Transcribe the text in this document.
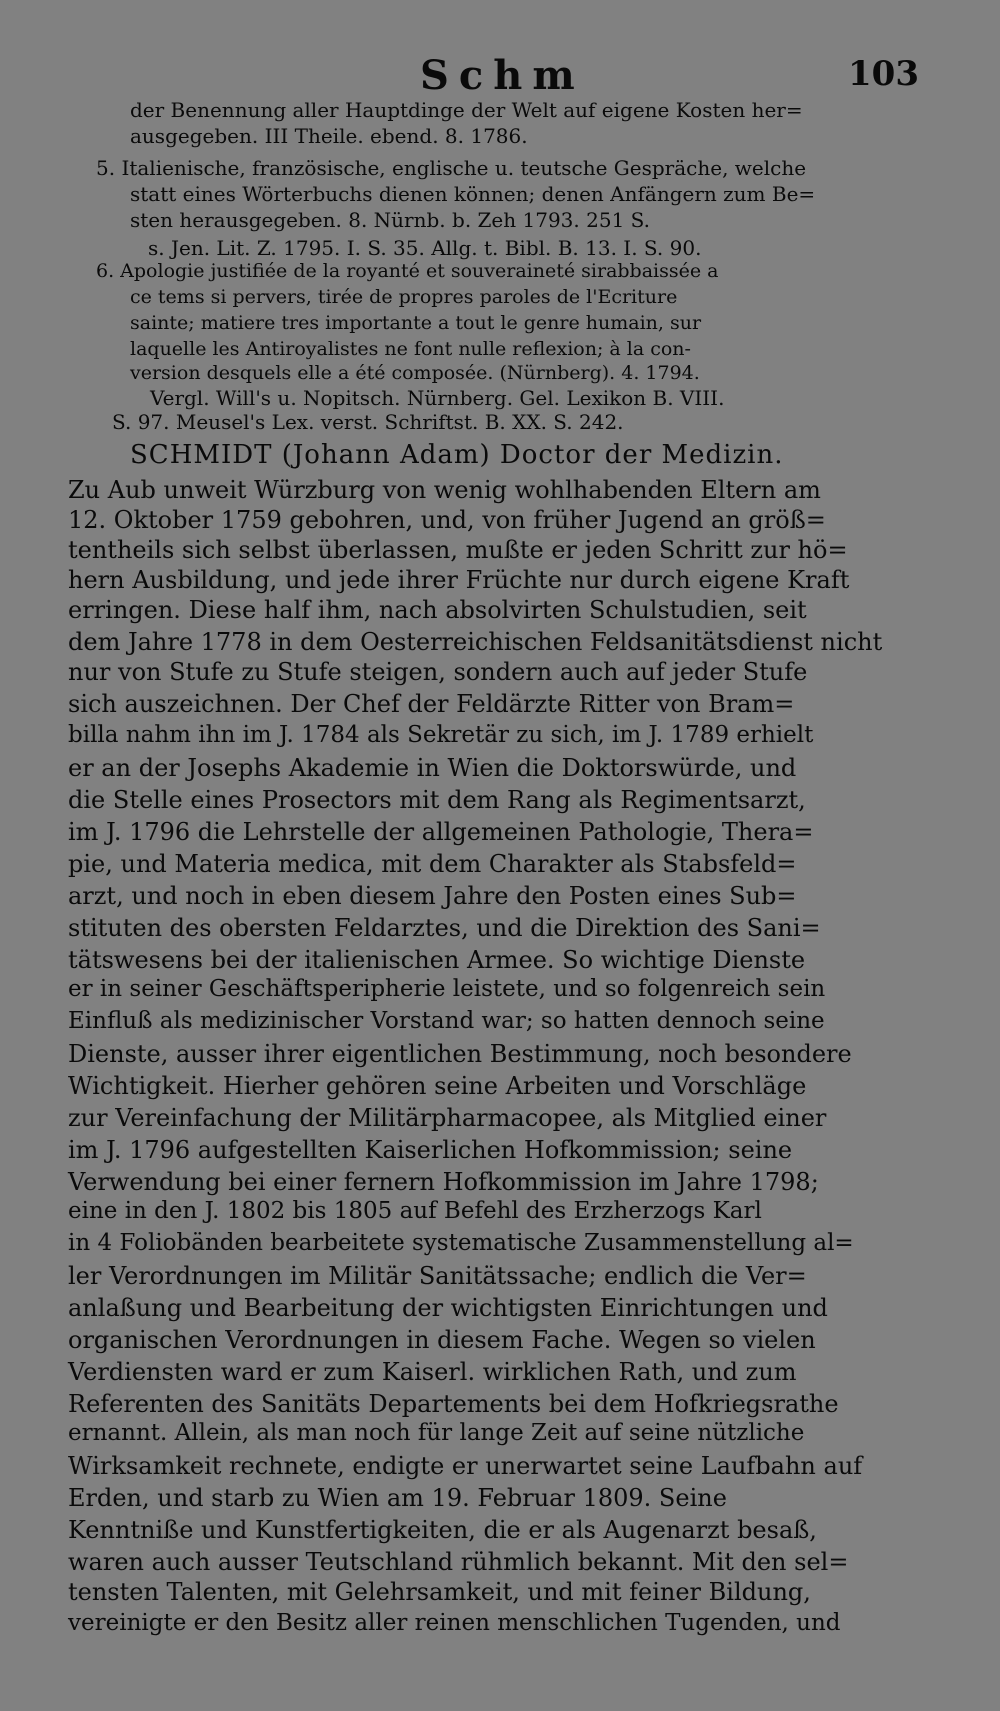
Schm	103
der Benennung aller Hauptdinge der Welt auf eigene Kosten her=
ausgegeben. III Theile. ebend. 8. 1786.
5. Italienische, französische, englische u. teutsche Gespräche, welche
statt eines Wörterbuchs dienen können; denen Anfängern zum Be=
sten herausgegeben. 8. Nürnb. b. Zeh 1793. 251 S.
s. Jen. Lit. Z. 1795. I. S. 35. Allg. t. Bibl. B. 13. I. S. 90.
6. Apologie justifiée de la royanté et souveraineté sirabbaissée a
ce tems si pervers, tirée de propres paroles de l'Ecriture
sainte; matiere tres importante a tout le genre humain, sur
laquelle les Antiroyalistes ne font nulle reflexion; à la con-
version desquels elle a été composée. (Nürnberg). 4. 1794.
Vergl. Will's u. Nopitsch. Nürnberg. Gel. Lexikon B. VIII.
S. 97. Meusel's Lex. verst. Schriftst. B. XX. S. 242.
SCHMIDT (Johann Adam) Doctor der Medizin.
Zu Aub unweit Würzburg von wenig wohlhabenden Eltern am
12. Oktober 1759 gebohren, und, von früher Jugend an größ=
tentheils sich selbst überlassen, mußte er jeden Schritt zur hö=
hern Ausbildung, und jede ihrer Früchte nur durch eigene Kraft
erringen. Diese half ihm, nach absolvirten Schulstudien, seit
dem Jahre 1778 in dem Oesterreichischen Feldsanitätsdienst nicht
nur von Stufe zu Stufe steigen, sondern auch auf jeder Stufe
sich auszeichnen. Der Chef der Feldärzte Ritter von Bram=
billa nahm ihn im J. 1784 als Sekretär zu sich, im J. 1789 erhielt
er an der Josephs Akademie in Wien die Doktorswürde, und
die Stelle eines Prosectors mit dem Rang als Regimentsarzt,
im J. 1796 die Lehrstelle der allgemeinen Pathologie, Thera=
pie, und Materia medica, mit dem Charakter als Stabsfeld=
arzt, und noch in eben diesem Jahre den Posten eines Sub=
stituten des obersten Feldarztes, und die Direktion des Sani=
tätswesens bei der italienischen Armee. So wichtige Dienste
er in seiner Geschäftsperipherie leistete, und so folgenreich sein
Einfluß als medizinischer Vorstand war; so hatten dennoch seine
Dienste, ausser ihrer eigentlichen Bestimmung, noch besondere
Wichtigkeit. Hierher gehören seine Arbeiten und Vorschläge
zur Vereinfachung der Militärpharmacopee, als Mitglied einer
im J. 1796 aufgestellten Kaiserlichen Hofkommission; seine
Verwendung bei einer fernern Hofkommission im Jahre 1798;
eine in den J. 1802 bis 1805 auf Befehl des Erzherzogs Karl
in 4 Foliobänden bearbeitete systematische Zusammenstellung al=
ler Verordnungen im Militär Sanitätssache; endlich die Ver=
anlaßung und Bearbeitung der wichtigsten Einrichtungen und
organischen Verordnungen in diesem Fache. Wegen so vielen
Verdiensten ward er zum Kaiserl. wirklichen Rath, und zum
Referenten des Sanitäts Departements bei dem Hofkriegsrathe
ernannt. Allein, als man noch für lange Zeit auf seine nützliche
Wirksamkeit rechnete, endigte er unerwartet seine Laufbahn auf
Erden, und starb zu Wien am 19. Februar 1809. Seine
Kenntniße und Kunstfertigkeiten, die er als Augenarzt besaß,
waren auch ausser Teutschland rühmlich bekannt. Mit den sel=
tensten Talenten, mit Gelehrsamkeit, und mit feiner Bildung,
vereinigte er den Besitz aller reinen menschlichen Tugenden, und
